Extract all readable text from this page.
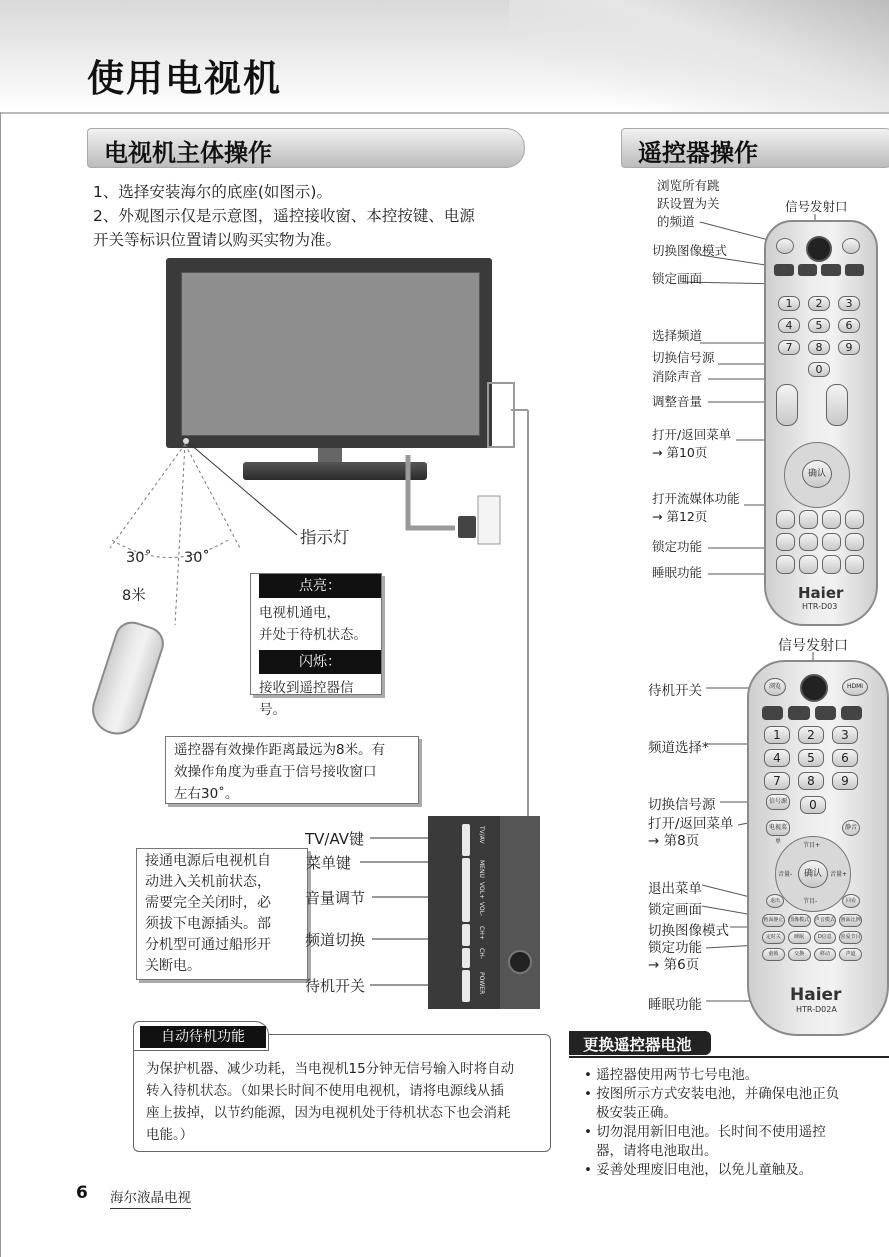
使用电视机
电视机主体操作
1、选择安装海尔的底座(如图示)。
2、外观图示仅是示意图，遥控接收窗、本控按键、电源
开关等标识位置请以购买实物为准。
30˚ 30˚
8米
指示灯
点亮：
电视机通电，
并处于待机状态。
闪烁：
接收到遥控器信号。
遥控器有效操作距离最远为8米。有
效操作角度为垂直于信号接收窗口
左右30˚。
接通电源后电视机自
动进入关机前状态，
需要完全关闭时，必
须拔下电源插头。部
分机型可通过船形开
关断电。
TV/AV
MENU
VOL+
VOL-
CH+
CH-
POWER
TV/AV键
菜单键
音量调节
频道切换
待机开关
自动待机功能
为保护机器、减少功耗，当电视机15分钟无信号输入时将自动
转入待机状态。（如果长时间不使用电视机，请将电源线从插
座上拔掉，以节约能源，因为电视机处于待机状态下也会消耗
电能。）
遥控器操作
信号发射口
1	2	3
4	5	6
7	8	9
0
确认
Haier
HTR-D03
浏览所有跳
跃设置为关
的频道
切换图像模式
锁定画面
选择频道
切换信号源
消除声音
调整音量
打开/返回菜单
→ 第10页
打开流媒体功能
→ 第12页
锁定功能
睡眠功能
信号发射口
浏览	HDMI
1	2	3
4	5	6
7	8	9
信号源	0
电视菜单
静音
确认
节目+
节目-
音量-	音量+
退出	回看
画面静止 图像模式 声音模式 画面比例
定时关	睡眠	D信息	喜爱节目
童锁	交换	移动	声道
Haier
HTR-D02A
待机开关
频道选择*
切换信号源
打开/返回菜单
→ 第8页
退出菜单
锁定画面
切换图像模式
锁定功能
→ 第6页
睡眠功能
更换遥控器电池
• 遥控器使用两节七号电池。
• 按图所示方式安装电池，并确保电池正负
极安装正确。
• 切勿混用新旧电池。长时间不使用遥控
器，请将电池取出。
• 妥善处理废旧电池，以免儿童触及。
6 海尔液晶电视
